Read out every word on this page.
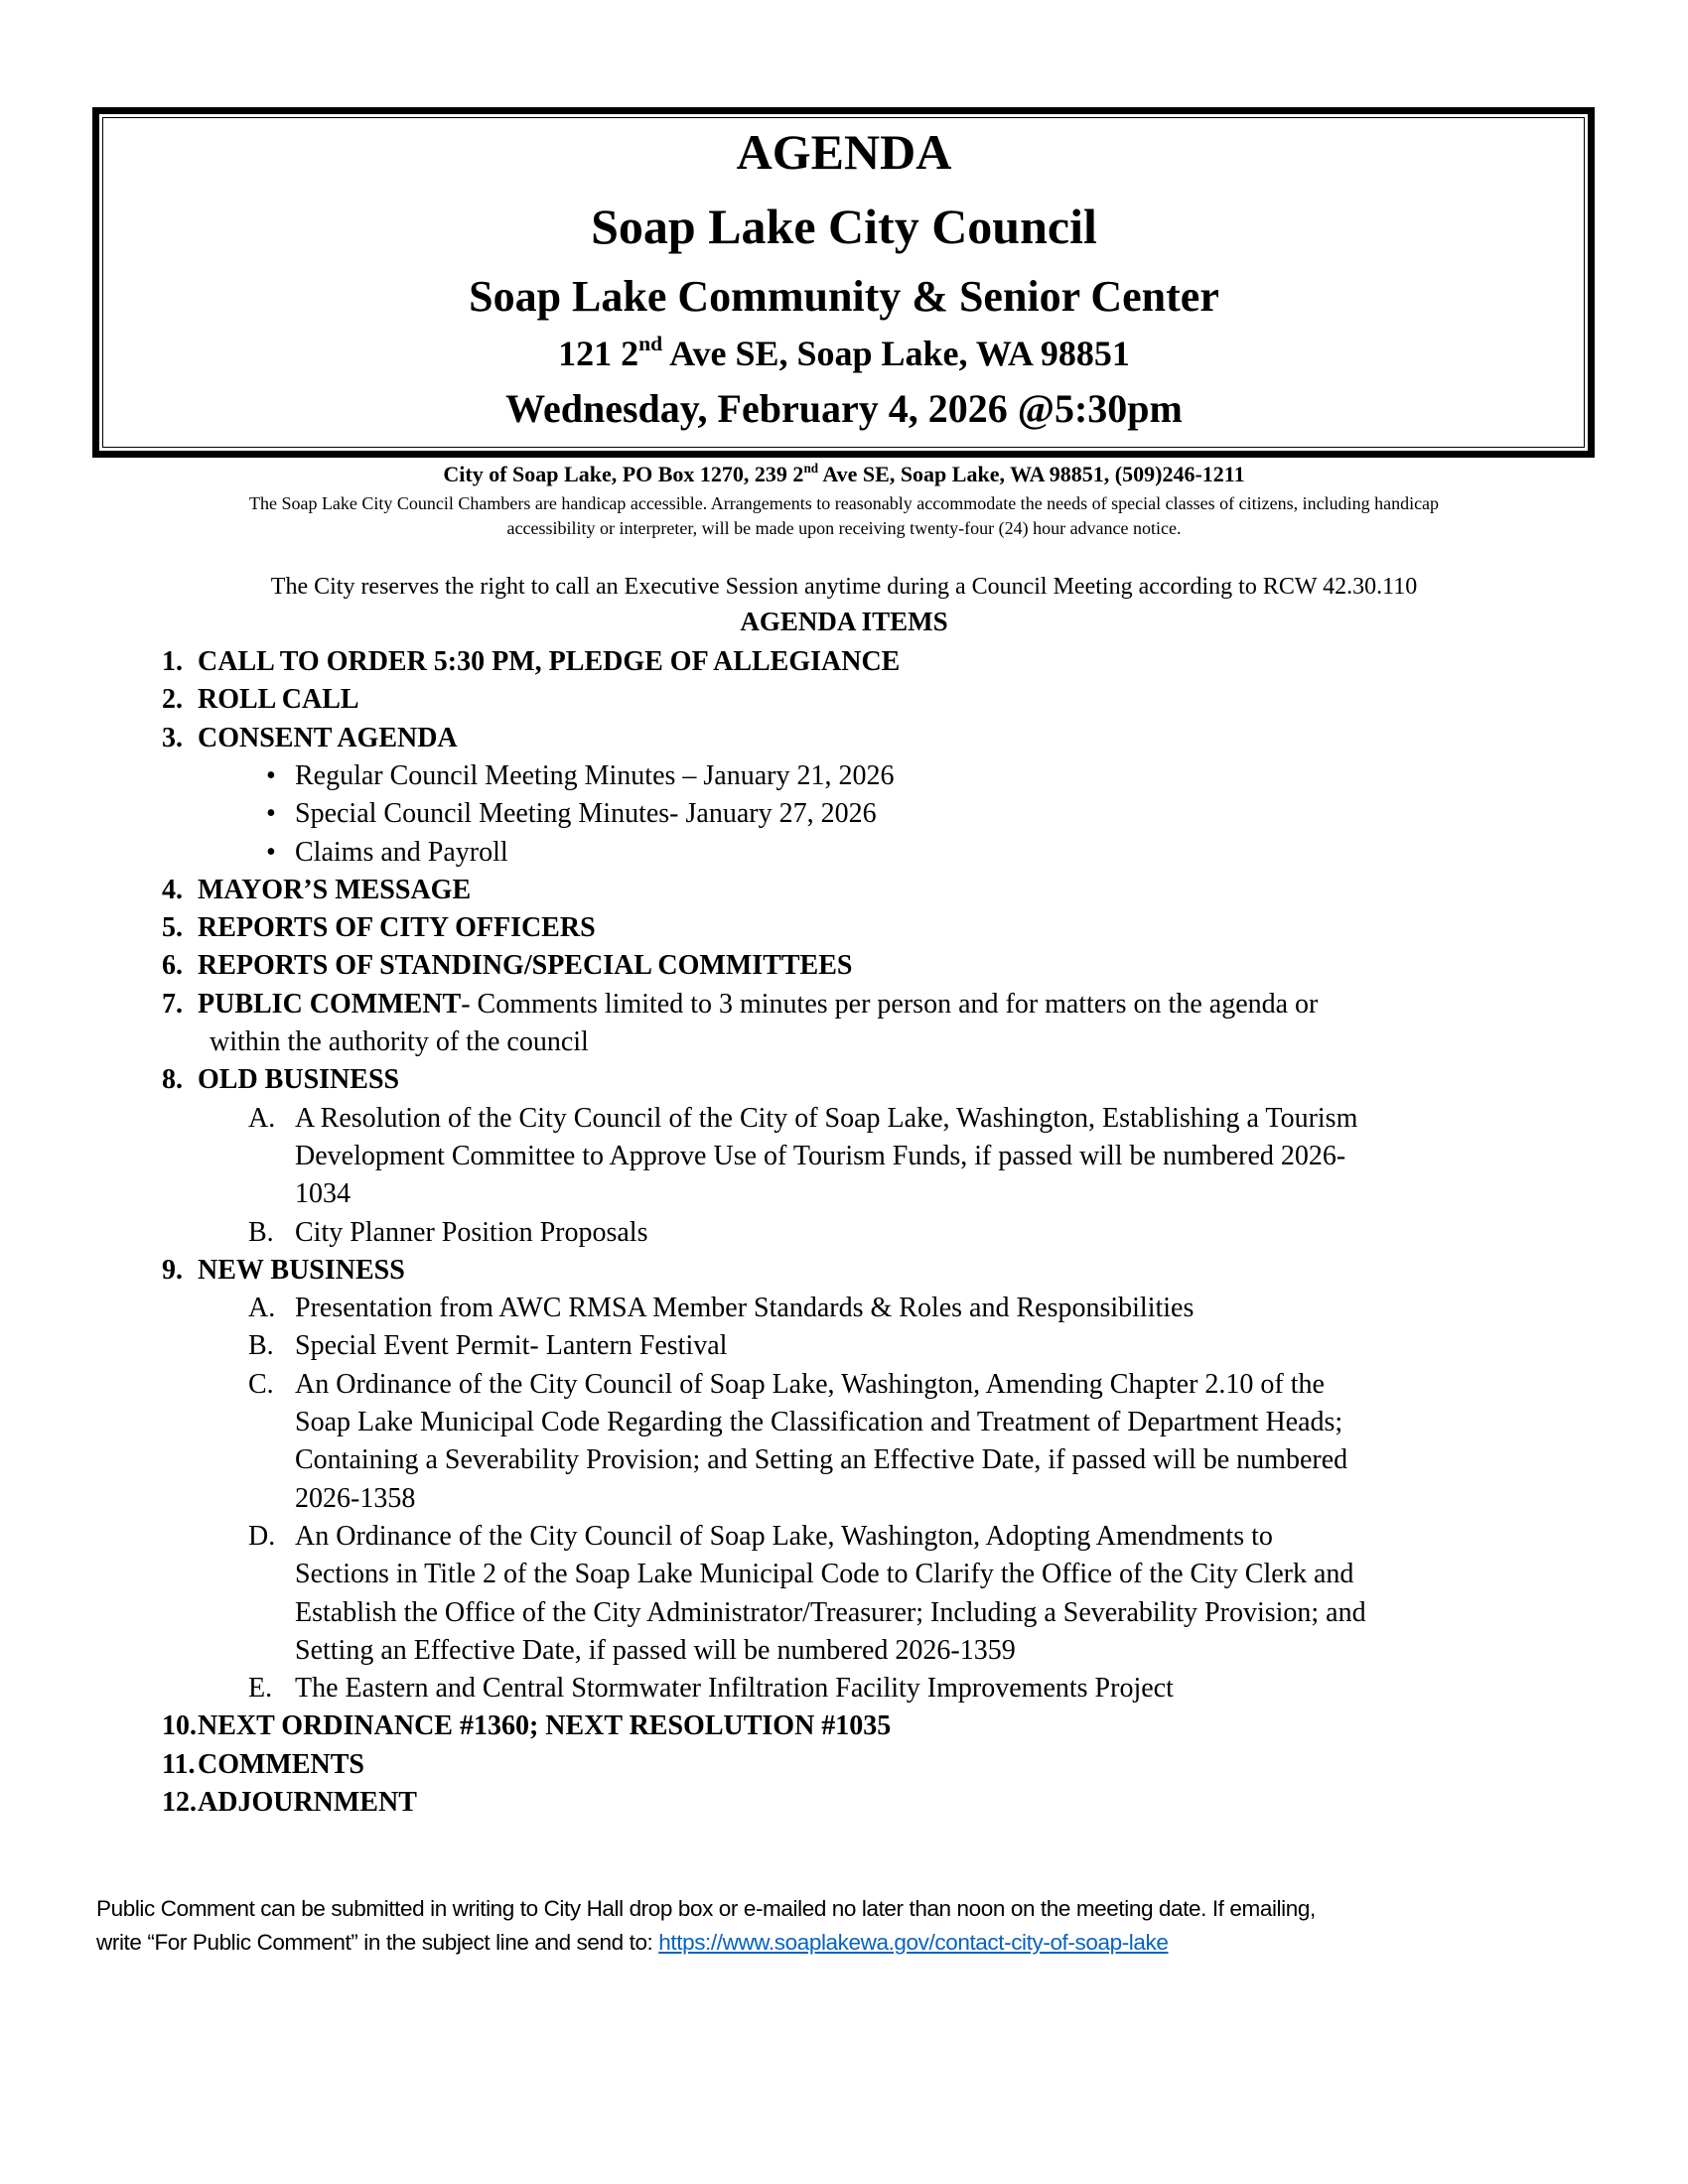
AGENDA
Soap Lake City Council
Soap Lake Community & Senior Center
121 2nd Ave SE, Soap Lake, WA 98851
Wednesday, February 4, 2026 @5:30pm
City of Soap Lake, PO Box 1270, 239 2nd Ave SE, Soap Lake, WA 98851, (509)246-1211
The Soap Lake City Council Chambers are handicap accessible. Arrangements to reasonably accommodate the needs of special classes of citizens, including handicap
accessibility or interpreter, will be made upon receiving twenty-four (24) hour advance notice.
The City reserves the right to call an Executive Session anytime during a Council Meeting according to RCW 42.30.110
AGENDA ITEMS
1. CALL TO ORDER 5:30 PM, PLEDGE OF ALLEGIANCE
2. ROLL CALL
3. CONSENT AGENDA
• Regular Council Meeting Minutes – January 21, 2026
• Special Council Meeting Minutes- January 27, 2026
• Claims and Payroll
4. MAYOR’S MESSAGE
5. REPORTS OF CITY OFFICERS
6. REPORTS OF STANDING/SPECIAL COMMITTEES
7. PUBLIC COMMENT- Comments limited to 3 minutes per person and for matters on the agenda or
within the authority of the council
8. OLD BUSINESS
A. A Resolution of the City Council of the City of Soap Lake, Washington, Establishing a Tourism
Development Committee to Approve Use of Tourism Funds, if passed will be numbered 2026-
1034
B. City Planner Position Proposals
9. NEW BUSINESS
A. Presentation from AWC RMSA Member Standards & Roles and Responsibilities
B. Special Event Permit- Lantern Festival
C. An Ordinance of the City Council of Soap Lake, Washington, Amending Chapter 2.10 of the
Soap Lake Municipal Code Regarding the Classification and Treatment of Department Heads;
Containing a Severability Provision; and Setting an Effective Date, if passed will be numbered
2026-1358
D. An Ordinance of the City Council of Soap Lake, Washington, Adopting Amendments to
Sections in Title 2 of the Soap Lake Municipal Code to Clarify the Office of the City Clerk and
Establish the Office of the City Administrator/Treasurer; Including a Severability Provision; and
Setting an Effective Date, if passed will be numbered 2026-1359
E. The Eastern and Central Stormwater Infiltration Facility Improvements Project
10. NEXT ORDINANCE #1360; NEXT RESOLUTION #1035
11. COMMENTS
12. ADJOURNMENT
Public Comment can be submitted in writing to City Hall drop box or e-mailed no later than noon on the meeting date. If emailing,
write “For Public Comment” in the subject line and send to: https://www.soaplakewa.gov/contact-city-of-soap-lake
